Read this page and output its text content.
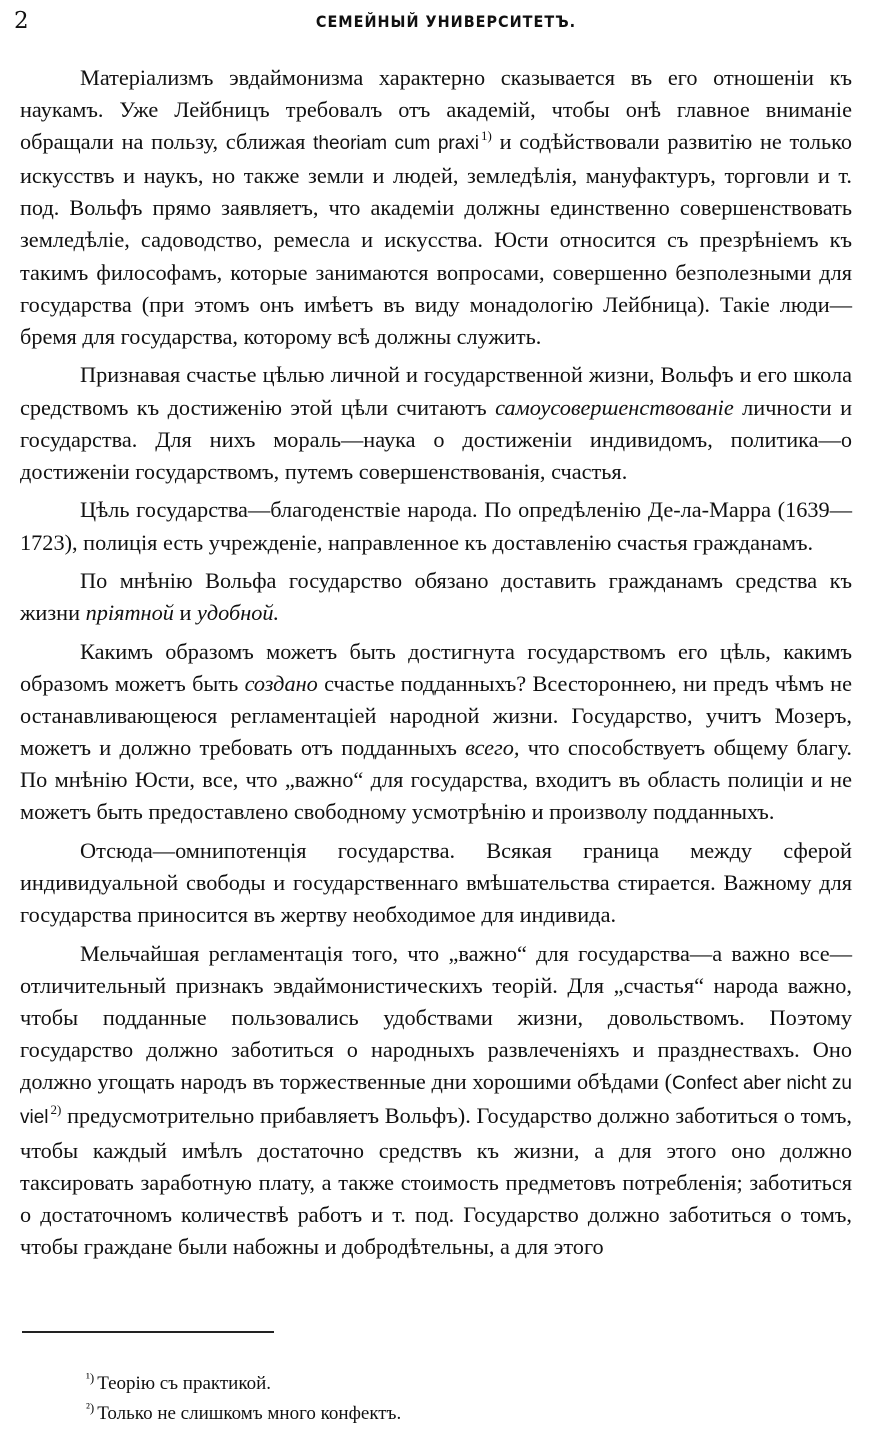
2	СЕМЕЙНЫЙ УНИВЕРСИТЕТЪ.

Матеріализмъ эвдаймонизма характерно сказывается въ его отношеніи къ наукамъ. Уже Лейбницъ требовалъ отъ академій, чтобы онѣ главное вниманіе обращали на пользу, сближая theoriam cum praxi $^{1)}$ и содѣйствовали развитію не только искусствъ и наукъ, но также земли и людей, земледѣлія, мануфактуръ, торговли и т. под. Вольфъ прямо заявляетъ, что академіи должны единственно совершенствовать земледѣліе, садоводство, ремесла и искусства. Юсти относится съ презрѣніемъ къ такимъ философамъ, которые занимаются вопросами, совершенно безполезными для государства (при этомъ онъ имѣетъ въ виду монадологію Лейбница). Такіе люди—бремя для государства, которому всѣ должны служить.

Признавая счастье цѣлью личной и государственной жизни, Вольфъ и его школа средствомъ къ достиженію этой цѣли считаютъ самоусовершенствованіе личности и государства. Для нихъ мораль—наука о достиженіи индивидомъ, политика—о достиженіи государствомъ, путемъ совершенствованія, счастья.

Цѣль государства—благоденствіе народа. По опредѣленію Де-ла-Марра (1639—1723), полиція есть учрежденіе, направленное къ доставленію счастья гражданамъ.

По мнѣнію Вольфа государство обязано доставить гражданамъ средства къ жизни пріятной и удобной.

Какимъ образомъ можетъ быть достигнута государствомъ его цѣль, какимъ образомъ можетъ быть создано счастье подданныхъ? Всестороннею, ни предъ чѣмъ не останавливающеюся регламентаціей народной жизни. Государство, учитъ Мозеръ, можетъ и должно требовать отъ подданныхъ всего, что способствуетъ общему благу. По мнѣнію Юсти, все, что „важно“ для государства, входитъ въ область полиціи и не можетъ быть предоставлено свободному усмотрѣнію и произволу подданныхъ.

Отсюда—омнипотенція государства. Всякая граница между сферой индивидуальной свободы и государственнаго вмѣшательства стирается. Важному для государства приносится въ жертву необходимое для индивида.

Мельчайшая регламентація того, что „важно“ для государства—а важно все—отличительный признакъ эвдаймонистическихъ теорій. Для „счастья“ народа важно, чтобы подданные пользовались удобствами жизни, довольствомъ. Поэтому государство должно заботиться о народныхъ развлеченіяхъ и празднествахъ. Оно должно угощать народъ въ торжественные дни хорошими обѣдами (Confect aber nicht zu viel $^{2)}$ предусмотрительно прибавляетъ Вольфъ). Государство должно заботиться о томъ, чтобы каждый имѣлъ достаточно средствъ къ жизни, а для этого оно должно таксировать заработную плату, а также стоимость предметовъ потребленія; заботиться о достаточномъ количествѣ работъ и т. под. Государство должно заботиться о томъ, чтобы граждане были набожны и добродѣтельны, а для этого

$^{^1)}$ Теорію съ практикой.
$^{^2)}$ Только не слишкомъ много конфектъ.
